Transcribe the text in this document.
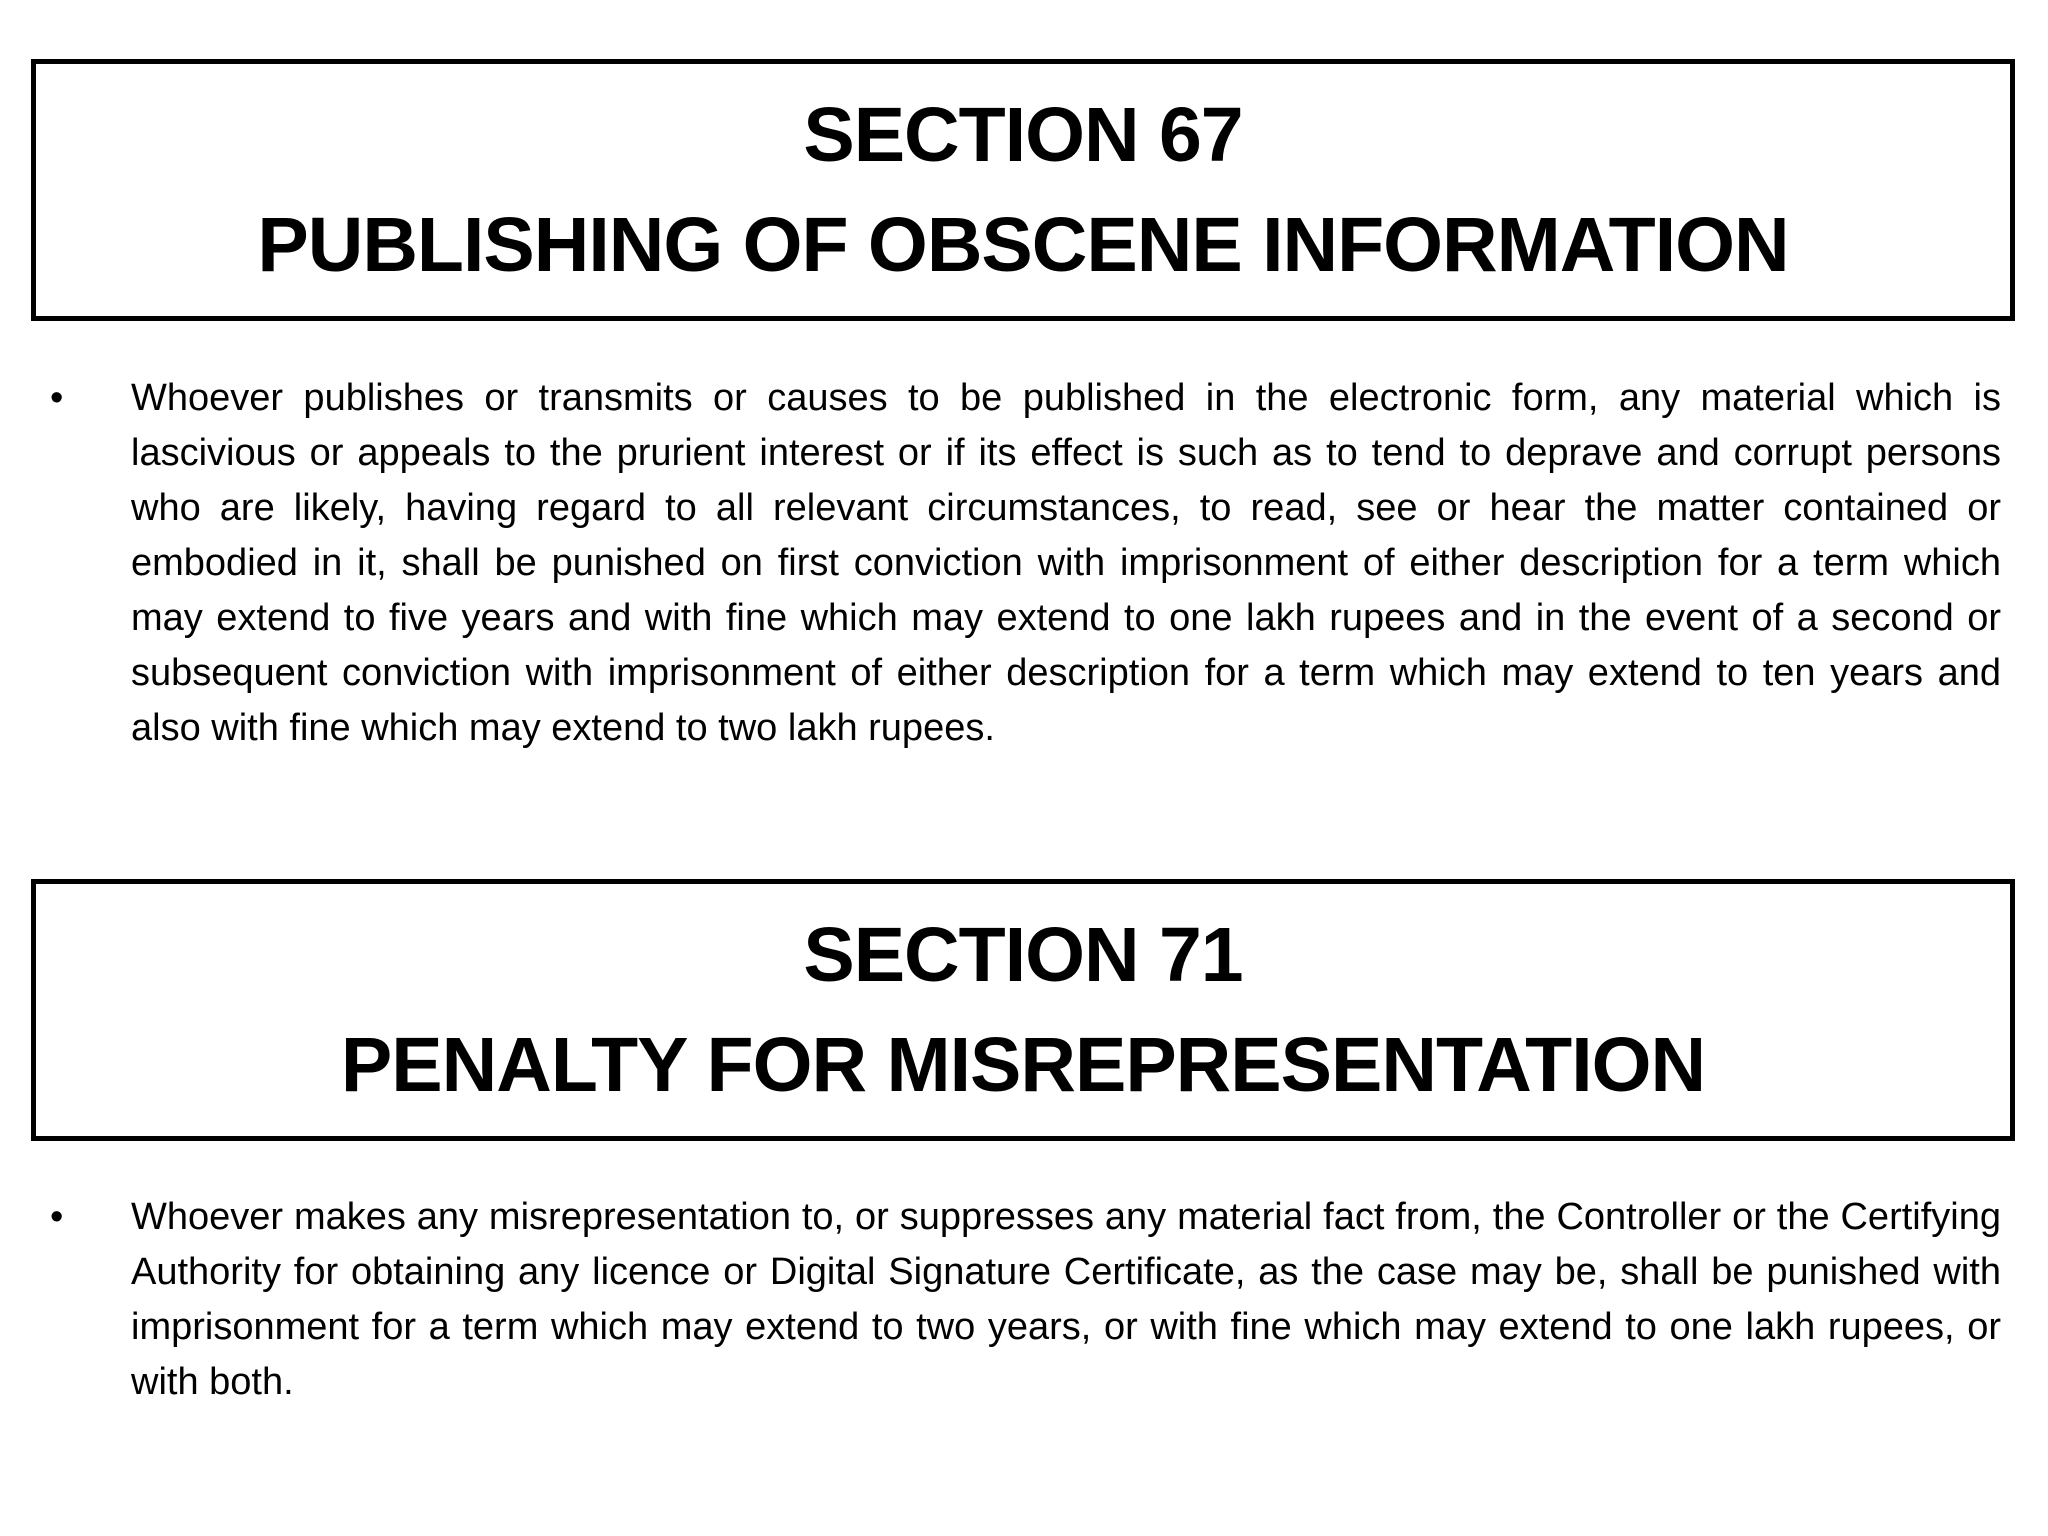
SECTION 67
PUBLISHING OF OBSCENE INFORMATION
• Whoever publishes or transmits or causes to be published in the electronic form, any material which is lascivious or appeals to the prurient interest or if its effect is such as to tend to deprave and corrupt persons who are likely, having regard to all relevant circumstances, to read, see or hear the matter contained or embodied in it, shall be punished on first conviction with imprisonment of either description for a term which may extend to five years and with fine which may extend to one lakh rupees and in the event of a second or subsequent conviction with imprisonment of either description for a term which may extend to ten years and also with fine which may extend to two lakh rupees.
SECTION 71
PENALTY FOR MISREPRESENTATION
• Whoever makes any misrepresentation to, or suppresses any material fact from, the Controller or the Certifying Authority for obtaining any licence or Digital Signature Certificate, as the case may be, shall be punished with imprisonment for a term which may extend to two years, or with fine which may extend to one lakh rupees, or with both.
